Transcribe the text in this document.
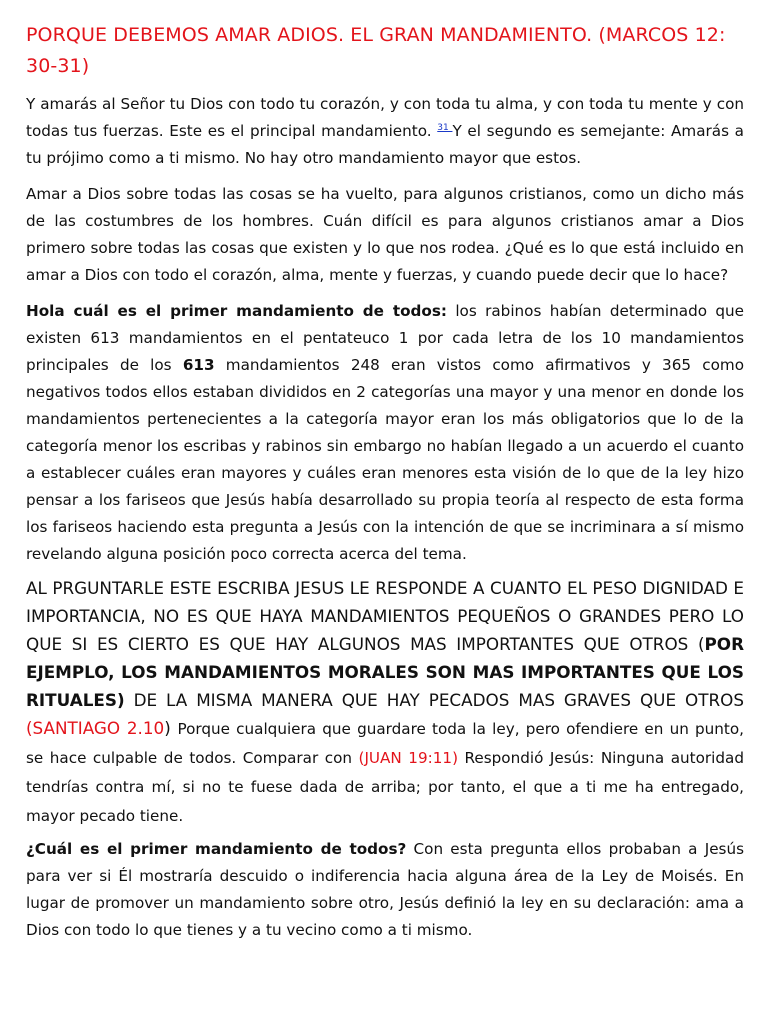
PORQUE DEBEMOS AMAR ADIOS. EL GRAN MANDAMIENTO. (MARCOS 12: 30-31)

Y amarás al Señor tu Dios con todo tu corazón, y con toda tu alma, y con toda tu mente y con todas tus fuerzas. Este es el principal mandamiento. $^{31}$ Y el segundo es semejante: Amarás a tu prójimo como a ti mismo. No hay otro mandamiento mayor que estos.

Amar a Dios sobre todas las cosas se ha vuelto, para algunos cristianos, como un dicho más de las costumbres de los hombres. Cuán difícil es para algunos cristianos amar a Dios primero sobre todas las cosas que existen y lo que nos rodea. ¿Qué es lo que está incluido en amar a Dios con todo el corazón, alma, mente y fuerzas, y cuando puede decir que lo hace?

Hola cuál es el primer mandamiento de todos: los rabinos habían determinado que existen 613 mandamientos en el pentateuco 1 por cada letra de los 10 mandamientos principales de los 613 mandamientos 248 eran vistos como afirmativos y 365 como negativos todos ellos estaban divididos en 2 categorías una mayor y una menor en donde los mandamientos pertenecientes a la categoría mayor eran los más obligatorios que lo de la categoría menor los escribas y rabinos sin embargo no habían llegado a un acuerdo el cuanto a establecer cuáles eran mayores y cuáles eran menores esta visión de lo que de la ley hizo pensar a los fariseos que Jesús había desarrollado su propia teoría al respecto de esta forma los fariseos haciendo esta pregunta a Jesús con la intención de que se incriminara a sí mismo revelando alguna posición poco correcta acerca del tema.

AL PRGUNTARLE ESTE ESCRIBA JESUS LE RESPONDE A CUANTO EL PESO DIGNIDAD E IMPORTANCIA, NO ES QUE HAYA MANDAMIENTOS PEQUEÑOS O GRANDES PERO LO QUE SI ES CIERTO ES QUE HAY ALGUNOS MAS IMPORTANTES QUE OTROS (POR EJEMPLO, LOS MANDAMIENTOS MORALES SON MAS IMPORTANTES QUE LOS RITUALES) DE LA MISMA MANERA QUE HAY PECADOS MAS GRAVES QUE OTROS (SANTIAGO 2.10) Porque cualquiera que guardare toda la ley, pero ofendiere en un punto, se hace culpable de todos. Comparar con (JUAN 19:11) Respondió Jesús: Ninguna autoridad tendrías contra mí, si no te fuese dada de arriba; por tanto, el que a ti me ha entregado, mayor pecado tiene.

¿Cuál es el primer mandamiento de todos? Con esta pregunta ellos probaban a Jesús para ver si Él mostraría descuido o indiferencia hacia alguna área de la Ley de Moisés. En lugar de promover un mandamiento sobre otro, Jesús definió la ley en su declaración: ama a Dios con todo lo que tienes y a tu vecino como a ti mismo.
